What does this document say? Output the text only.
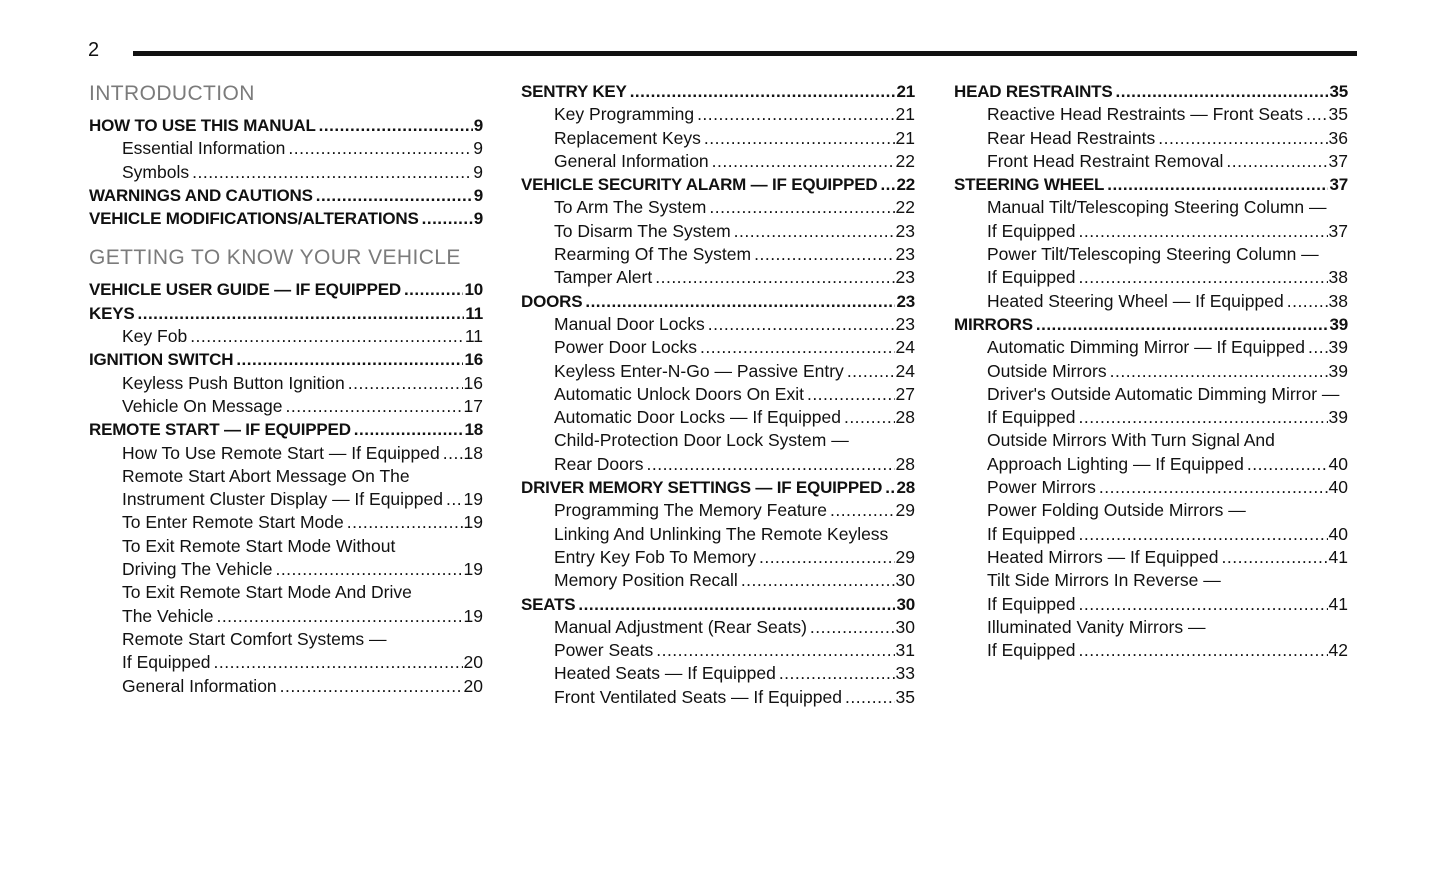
2
INTRODUCTION
HOW TO USE THIS MANUAL .....	9
Essential Information .....	9
Symbols .....	9
WARNINGS AND CAUTIONS .....	9
VEHICLE MODIFICATIONS/ALTERATIONS .....	9
GETTING TO KNOW YOUR VEHICLE
VEHICLE USER GUIDE — IF EQUIPPED .....	10
KEYS .....	11
Key Fob .....	11
IGNITION SWITCH .....	16
Keyless Push Button Ignition .....	16
Vehicle On Message .....	17
REMOTE START — IF EQUIPPED .....	18
How To Use Remote Start — If Equipped ..... 18
Remote Start Abort Message On The
Instrument Cluster Display — If Equipped ..... 19
To Enter Remote Start Mode .....	19
To Exit Remote Start Mode Without
Driving The Vehicle .....	19
To Exit Remote Start Mode And Drive
The Vehicle .....	19
Remote Start Comfort Systems —
If Equipped .....	20
General Information .....	20
SENTRY KEY .....	21
Key Programming .....	21
Replacement Keys .....	21
General Information .....	22
VEHICLE SECURITY ALARM — IF EQUIPPED ..... 22
To Arm The System .....	22
To Disarm The System .....	23
Rearming Of The System .....	23
Tamper Alert .....	23
DOORS .....	23
Manual Door Locks .....	23
Power Door Locks .....	24
Keyless Enter-N-Go — Passive Entry .....	24
Automatic Unlock Doors On Exit .....	27
Automatic Door Locks — If Equipped .....	28
Child-Protection Door Lock System —
Rear Doors .....	28
DRIVER MEMORY SETTINGS — IF EQUIPPED ..... 28
Programming The Memory Feature .....	29
Linking And Unlinking The Remote Keyless
Entry Key Fob To Memory .....	29
Memory Position Recall .....	30
SEATS .....	30
Manual Adjustment (Rear Seats) .....	30
Power Seats .....	31
Heated Seats — If Equipped .....	33
Front Ventilated Seats — If Equipped .....	35
HEAD RESTRAINTS .....	35
Reactive Head Restraints — Front Seats ..... 35
Rear Head Restraints .....	36
Front Head Restraint Removal .....	37
STEERING WHEEL .....	37
Manual Tilt/Telescoping Steering Column —
If Equipped .....	37
Power Tilt/Telescoping Steering Column —
If Equipped .....	38
Heated Steering Wheel — If Equipped .....	38
MIRRORS .....	39
Automatic Dimming Mirror — If Equipped ..... 39
Outside Mirrors .....	39
Driver's Outside Automatic Dimming Mirror —
If Equipped .....	39
Outside Mirrors With Turn Signal And
Approach Lighting — If Equipped .....	40
Power Mirrors .....	40
Power Folding Outside Mirrors —
If Equipped .....	40
Heated Mirrors — If Equipped .....	41
Tilt Side Mirrors In Reverse —
If Equipped .....	41
Illuminated Vanity Mirrors —
If Equipped .....	42
